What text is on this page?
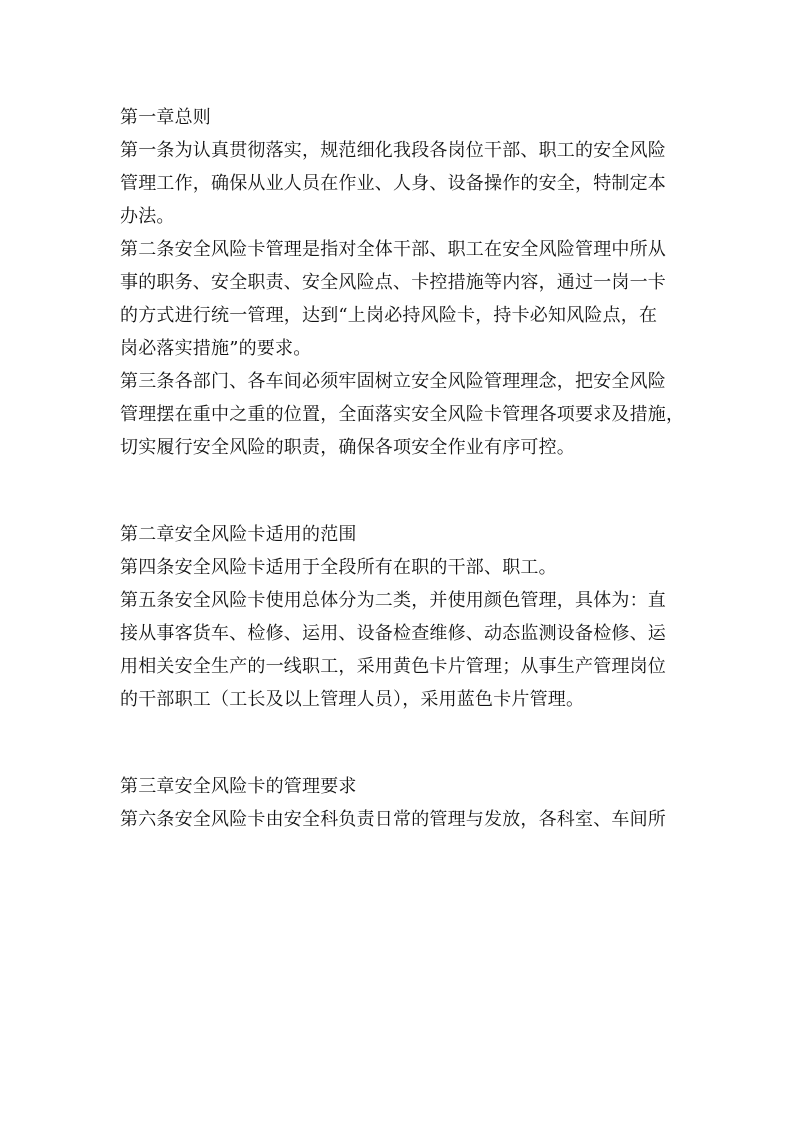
第一章总则
第一条为认真贯彻落实，规范细化我段各岗位干部、职工的安全风险
管理工作，确保从业人员在作业、人身、设备操作的安全，特制定本
办法。
第二条安全风险卡管理是指对全体干部、职工在安全风险管理中所从
事的职务、安全职责、安全风险点、卡控措施等内容，通过一岗一卡
的方式进行统一管理，达到“上岗必持风险卡，持卡必知风险点，在
岗必落实措施”的要求。
第三条各部门、各车间必须牢固树立安全风险管理理念，把安全风险
管理摆在重中之重的位置，全面落实安全风险卡管理各项要求及措施，
切实履行安全风险的职责，确保各项安全作业有序可控。
第二章安全风险卡适用的范围
第四条安全风险卡适用于全段所有在职的干部、职工。
第五条安全风险卡使用总体分为二类，并使用颜色管理，具体为：直
接从事客货车、检修、运用、设备检查维修、动态监测设备检修、运
用相关安全生产的一线职工，采用黄色卡片管理；从事生产管理岗位
的干部职工（工长及以上管理人员），采用蓝色卡片管理。
第三章安全风险卡的管理要求
第六条安全风险卡由安全科负责日常的管理与发放，各科室、车间所
